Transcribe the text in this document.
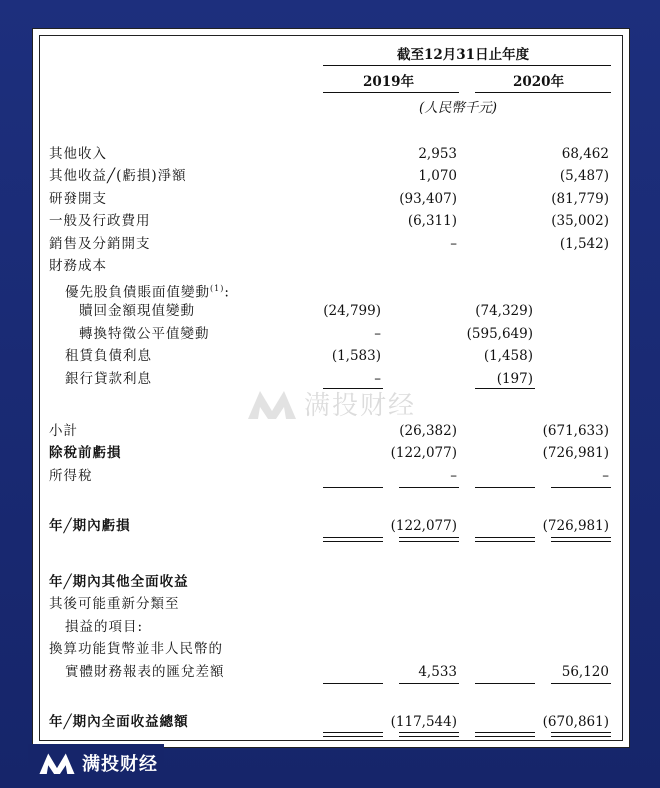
截至12月31日止年度
2019年	2020年
(人民幣千元)
其他收入	2,953	68,462
其他收益╱(虧損)淨額	1,070	(5,487)
研發開支	(93,407)	(81,779)
一般及行政費用	(6,311)	(35,002)
銷售及分銷開支	–	(1,542)
財務成本
優先股負債賬面值變動$^{(1)}$:
贖回金額現值變動	(24,799)	(74,329)
轉換特徵公平值變動	–	(595,649)
租賃負債利息	(1,583)	(1,458)
銀行貸款利息	–	(197)
小計	(26,382)	(671,633)
除稅前虧損	(122,077)	(726,981)
所得稅	–	–
年╱期內虧損	(122,077)	(726,981)
年╱期內其他全面收益
其後可能重新分類至
損益的項目:
換算功能貨幣並非人民幣的
實體財務報表的匯兌差額	4,533	56,120
年╱期內全面收益總額	(117,544)	(670,861)
满投财经
满投财经
